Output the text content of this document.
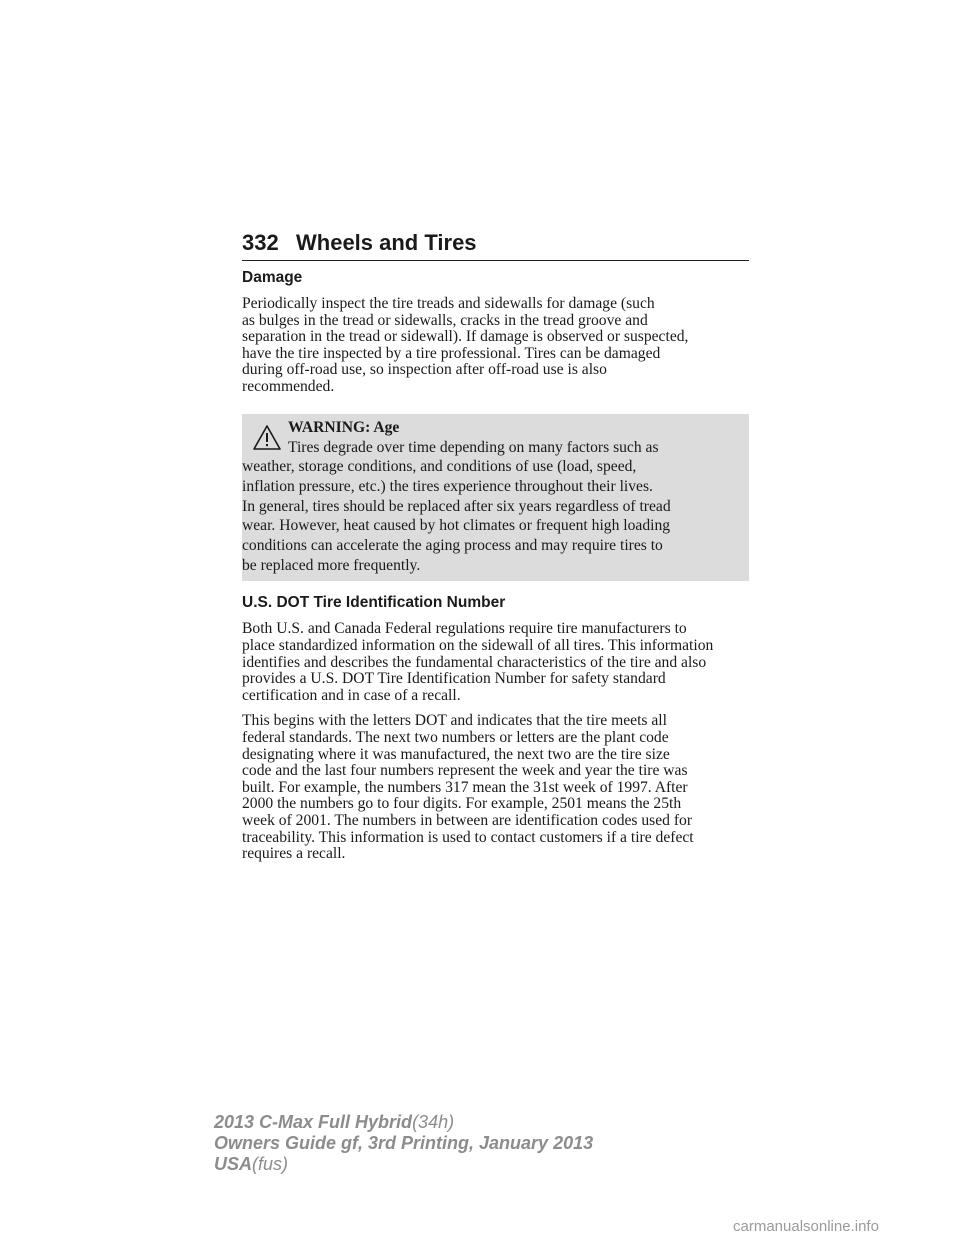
332 Wheels and Tires
Damage
Periodically inspect the tire treads and sidewalls for damage (such
as bulges in the tread or sidewalls, cracks in the tread groove and
separation in the tread or sidewall). If damage is observed or suspected,
have the tire inspected by a tire professional. Tires can be damaged
during off-road use, so inspection after off-road use is also
recommended.
WARNING: Age
Tires degrade over time depending on many factors such as
weather, storage conditions, and conditions of use (load, speed,
inflation pressure, etc.) the tires experience throughout their lives.
In general, tires should be replaced after six years regardless of tread
wear. However, heat caused by hot climates or frequent high loading
conditions can accelerate the aging process and may require tires to
be replaced more frequently.
U.S. DOT Tire Identification Number
Both U.S. and Canada Federal regulations require tire manufacturers to
place standardized information on the sidewall of all tires. This information
identifies and describes the fundamental characteristics of the tire and also
provides a U.S. DOT Tire Identification Number for safety standard
certification and in case of a recall.
This begins with the letters DOT and indicates that the tire meets all
federal standards. The next two numbers or letters are the plant code
designating where it was manufactured, the next two are the tire size
code and the last four numbers represent the week and year the tire was
built. For example, the numbers 317 mean the 31st week of 1997. After
2000 the numbers go to four digits. For example, 2501 means the 25th
week of 2001. The numbers in between are identification codes used for
traceability. This information is used to contact customers if a tire defect
requires a recall.
2013 C-Max Full Hybrid(34h)
Owners Guide gf, 3rd Printing, January 2013
USA(fus)
carmanualsonline.info
